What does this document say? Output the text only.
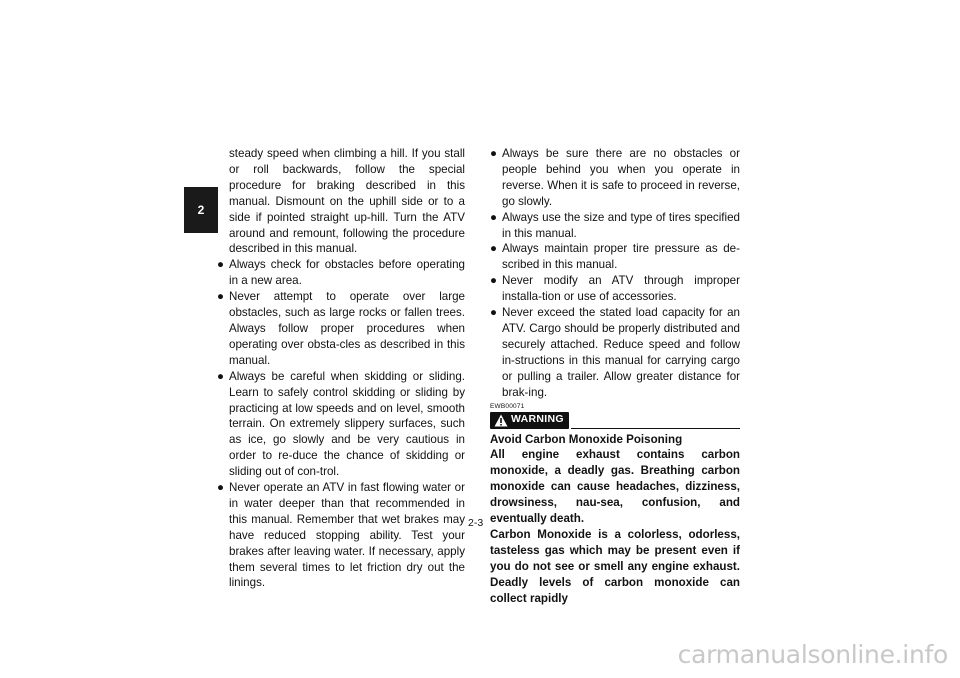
2

steady speed when climbing a hill. If you stall or roll backwards, follow the special procedure for braking described in this manual. Dismount on the uphill side or to a side if pointed straight up-hill. Turn the ATV around and remount, following the procedure described in this manual.

● Always check for obstacles before operating in a new area.

● Never attempt to operate over large obstacles, such as large rocks or fallen trees. Always follow proper procedures when operating over obsta-cles as described in this manual.

● Always be careful when skidding or sliding. Learn to safely control skidding or sliding by practicing at low speeds and on level, smooth terrain. On extremely slippery surfaces, such as ice, go slowly and be very cautious in order to re-duce the chance of skidding or sliding out of con-trol.

● Never operate an ATV in fast flowing water or in water deeper than that recommended in this manual. Remember that wet brakes may have reduced stopping ability. Test your brakes after leaving water. If necessary, apply them several times to let friction dry out the linings.

● Always be sure there are no obstacles or people behind you when you operate in reverse. When it is safe to proceed in reverse, go slowly.

● Always use the size and type of tires specified in this manual.

● Always maintain proper tire pressure as de-scribed in this manual.

● Never modify an ATV through improper installa-tion or use of accessories.

● Never exceed the stated load capacity for an ATV. Cargo should be properly distributed and securely attached. Reduce speed and follow in-structions in this manual for carrying cargo or pulling a trailer. Allow greater distance for brak-ing.

EWB00071
WARNING

Avoid Carbon Monoxide Poisoning

All engine exhaust contains carbon monoxide, a deadly gas. Breathing carbon monoxide can cause headaches, dizziness, drowsiness, nau-sea, confusion, and eventually death.

Carbon Monoxide is a colorless, odorless, tasteless gas which may be present even if you do not see or smell any engine exhaust. Deadly levels of carbon monoxide can collect rapidly

2-3
carmanualsonline.info
